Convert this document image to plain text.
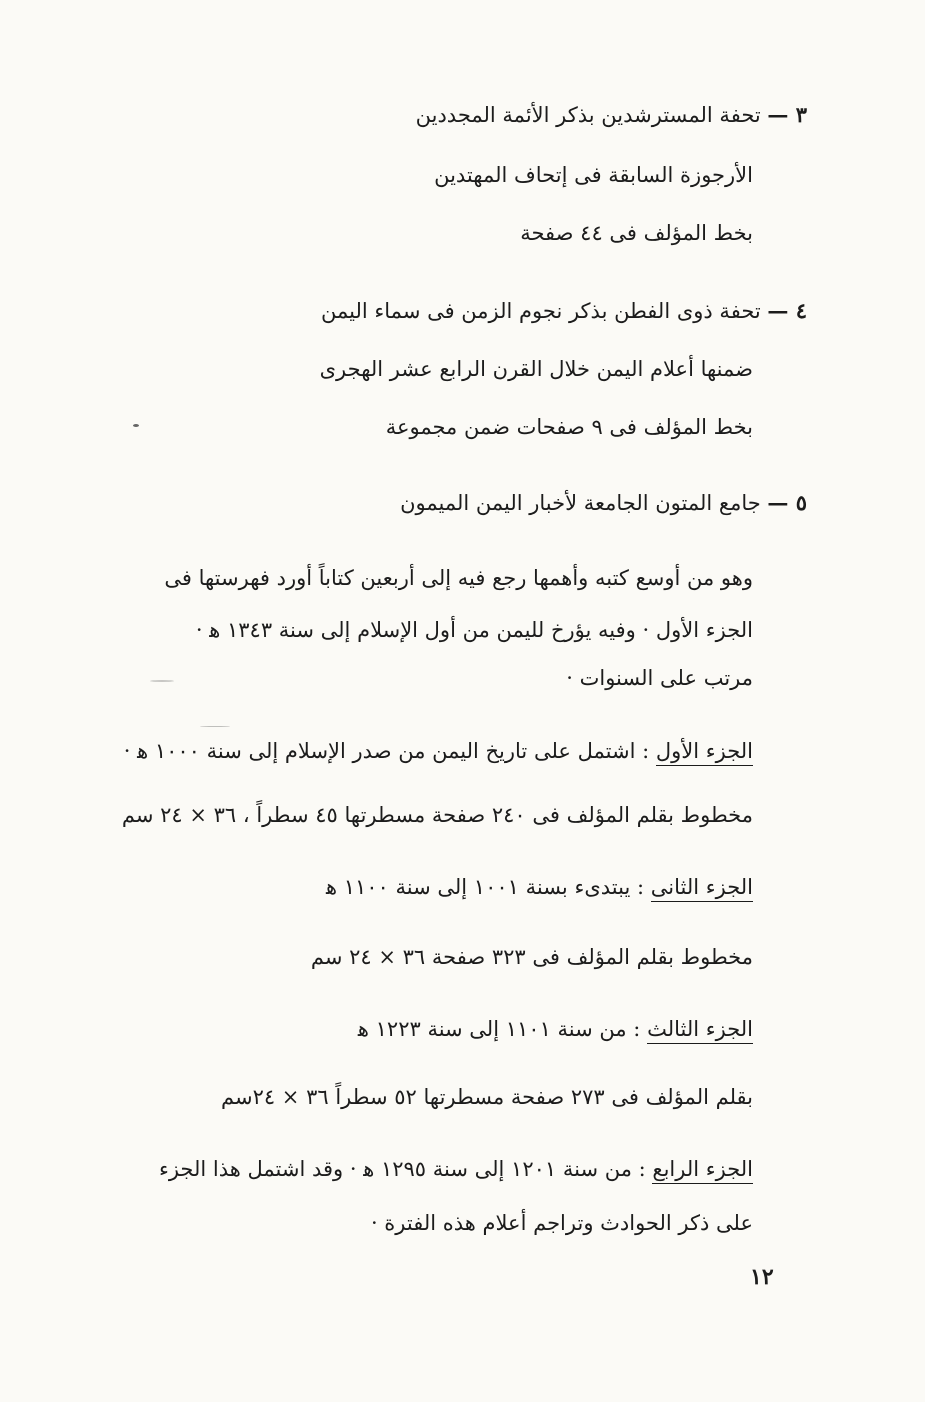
٣ — تحفة المسترشدين بذكر الأئمة المجددين
الأرجوزة السابقة فى إتحاف المهتدين
بخط المؤلف فى ٤٤ صفحة
٤ — تحفة ذوى الفطن بذكر نجوم الزمن فى سماء اليمن
ضمنها أعلام اليمن خلال القرن الرابع عشر الهجرى
بخط المؤلف فى ٩ صفحات ضمن مجموعة
٥ — جامع المتون الجامعة لأخبار اليمن الميمون
وهو من أوسع كتبه وأهمها رجع فيه إلى أربعين كتاباً أورد فهرستها فى
الجزء الأول · وفيه يؤرخ لليمن من أول الإسلام إلى سنة ١٣٤٣ ﻫ ·
مرتب على السنوات ·
الجزء الأول : اشتمل على تاريخ اليمن من صدر الإسلام إلى سنة ١٠٠٠ ﻫ ·
مخطوط بقلم المؤلف فى ٢٤٠ صفحة مسطرتها ٤٥ سطراً ، ٣٦ × ٢٤ سم
الجزء الثانى : يبتدىء بسنة ١٠٠١ إلى سنة ١١٠٠ ﻫ
مخطوط بقلم المؤلف فى ٣٢٣ صفحة ٣٦ × ٢٤ سم
الجزء الثالث : من سنة ١١٠١ إلى سنة ١٢٢٣ ﻫ
بقلم المؤلف فى ٢٧٣ صفحة مسطرتها ٥٢ سطراً ٣٦ × ٢٤سم
الجزء الرابع : من سنة ١٢٠١ إلى سنة ١٢٩٥ ﻫ · وقد اشتمل هذا الجزء
على ذكر الحوادث وتراجم أعلام هذه الفترة ·
١٢
